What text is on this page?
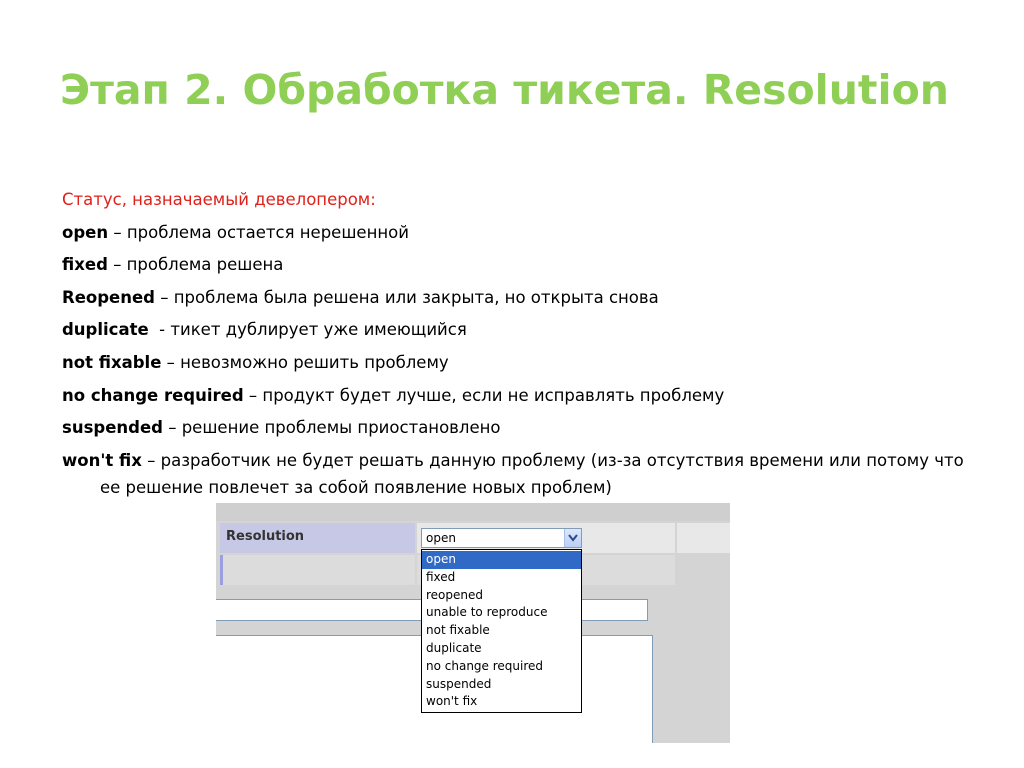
Этап 2. Обработка тикета. Resolution
Статус, назначаемый девелопером:
open – проблема остается нерешенной
fixed – проблема решена
Reopened – проблема была решена или закрыта, но открыта снова
duplicate  - тикет дублирует уже имеющийся
not fixable – невозможно решить проблему
no change required – продукт будет лучше, если не исправлять проблему
suspended – решение проблемы приостановлено
won't fix – разработчик не будет решать данную проблему (из-за отсутствия времени или потому что ее решение повлечет за собой появление новых проблем)
Resolution	open
open
fixed
reopened
unable to reproduce
not fixable
duplicate
no change required
suspended
won't fix
